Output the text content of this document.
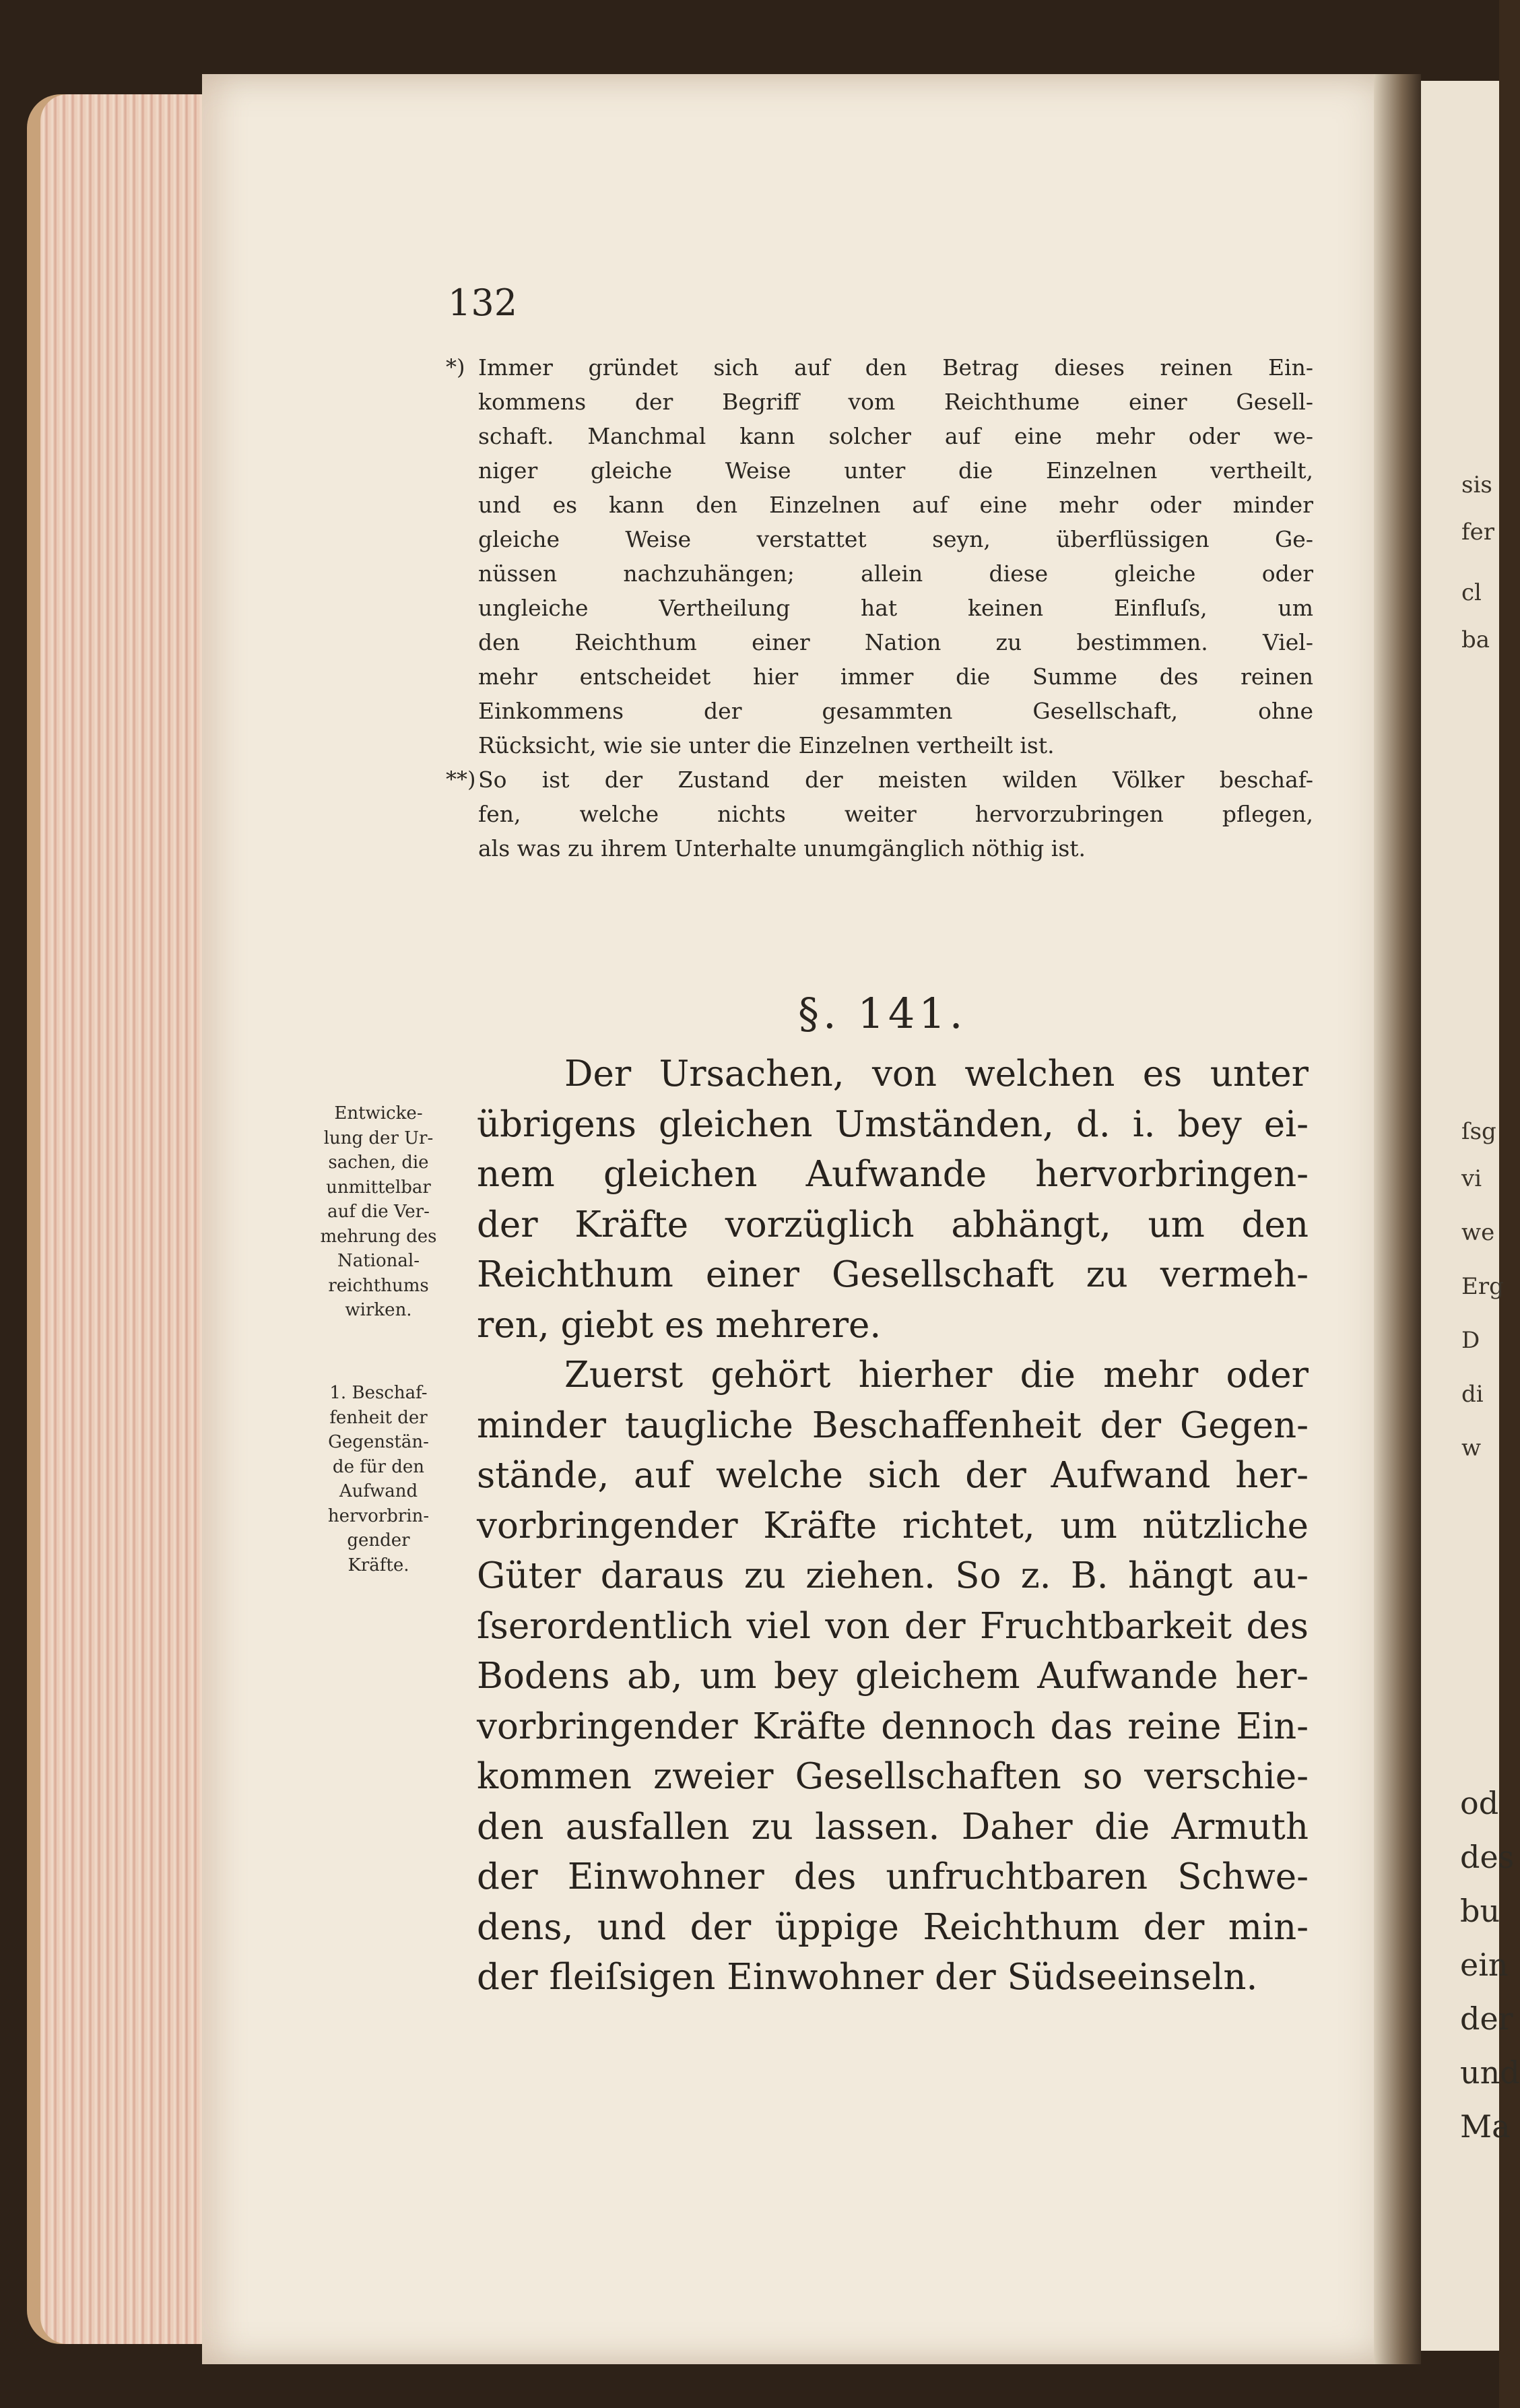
132
*) Immer gründet sich auf den Betrag dieses reinen Ein-

kommens der Begriff vom Reichthume einer Gesell-

schaft. Manchmal kann solcher auf eine mehr oder we-

niger gleiche Weise unter die Einzelnen vertheilt,

und es kann den Einzelnen auf eine mehr oder minder

gleiche Weise verstattet seyn, überflüssigen Ge-

nüssen nachzuhängen; allein diese gleiche oder

ungleiche Vertheilung hat keinen Einfluſs, um

den Reichthum einer Nation zu bestimmen. Viel-

mehr entscheidet hier immer die Summe des reinen

Einkommens der gesammten Gesellschaft, ohne

Rücksicht, wie sie unter die Einzelnen vertheilt ist.

**) So ist der Zustand der meisten wilden Völker beschaf-

fen, welche nichts weiter hervorzubringen pflegen,

als was zu ihrem Unterhalte unumgänglich nöthig ist.

§. 141.

Der Ursachen, von welchen es unter

übrigens gleichen Umständen, d. i. bey ei-

nem gleichen Aufwande hervorbringen-

der Kräfte vorzüglich abhängt, um den

Reichthum einer Gesellschaft zu vermeh-

ren, giebt es mehrere.

Zuerst gehört hierher die mehr oder

minder taugliche Beschaffenheit der Gegen-

stände, auf welche sich der Aufwand her-

vorbringender Kräfte richtet, um nützliche

Güter daraus zu ziehen. So z. B. hängt au-

ſserordentlich viel von der Fruchtbarkeit des

Bodens ab, um bey gleichem Aufwande her-

vorbringender Kräfte dennoch das reine Ein-

kommen zweier Gesellschaften so verschie-

den ausfallen zu lassen. Daher die Armuth

der Einwohner des unfruchtbaren Schwe-

dens, und der üppige Reichthum der min-

der fleiſsigen Einwohner der Südseeinseln.

Entwicke-

lung der Ur-

sachen, die

unmittelbar

auf die Ver-

mehrung des

National-

reichthums

wirken.

1. Beschaf-

fenheit der

Gegenstän-

de für den

Aufwand

hervorbrin-

gender

Kräfte.

sis
fer
cl
ba
ſsg
vi
we
Erg
D
di
w
od
des
bu
ein
der
und
Ma
